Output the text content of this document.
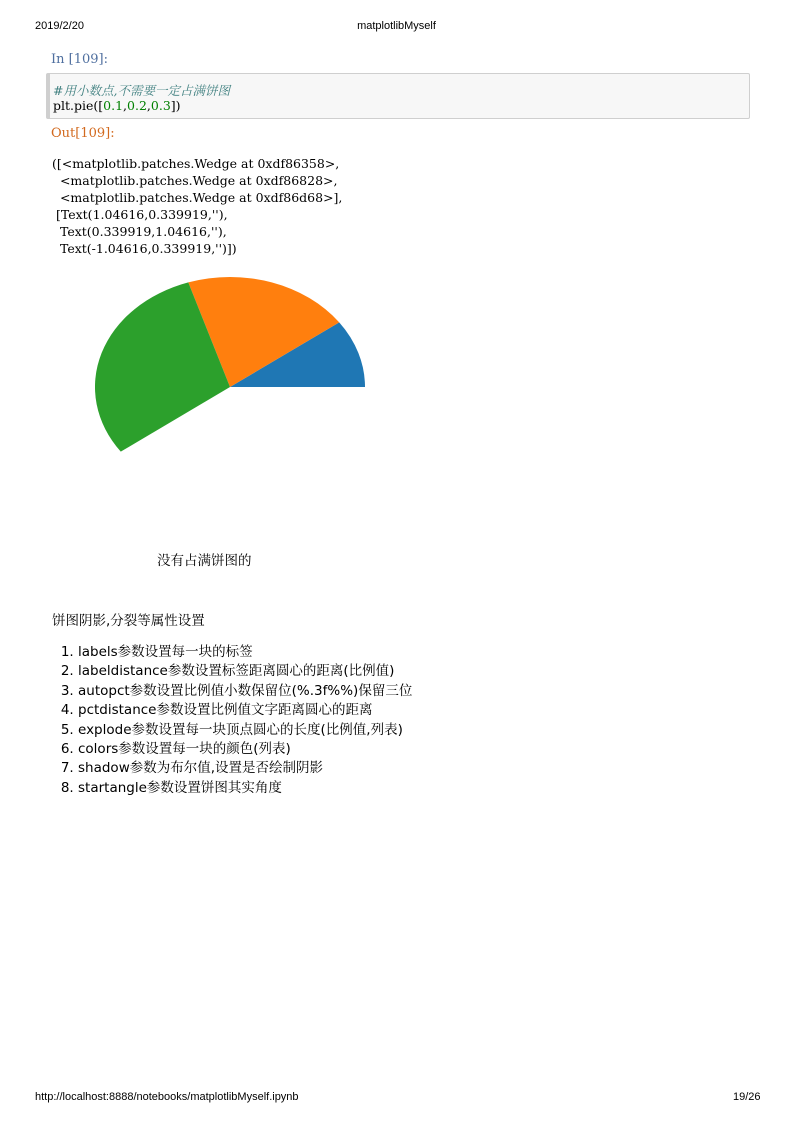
2019/2/20	matplotlibMyself
In [109]:
#用小数点,不需要一定占满饼图
plt.pie([0.1,0.2,0.3])
Out[109]:
([<matplotlib.patches.Wedge at 0xdf86358>,
<matplotlib.patches.Wedge at 0xdf86828>,
<matplotlib.patches.Wedge at 0xdf86d68>],
[Text(1.04616,0.339919,''),
Text(0.339919,1.04616,''),
Text(-1.04616,0.339919,'')])
没有占满饼图的
饼图阴影,分裂等属性设置
1. labels参数设置每一块的标签
2. labeldistance参数设置标签距离圆心的距离(比例值)
3. autopct参数设置比例值小数保留位(%.3f%%)保留三位
4. pctdistance参数设置比例值文字距离圆心的距离
5. explode参数设置每一块顶点圆心的长度(比例值,列表)
6. colors参数设置每一块的颜色(列表)
7. shadow参数为布尔值,设置是否绘制阴影
8. startangle参数设置饼图其实角度
http://localhost:8888/notebooks/matplotlibMyself.ipynb	19/26
